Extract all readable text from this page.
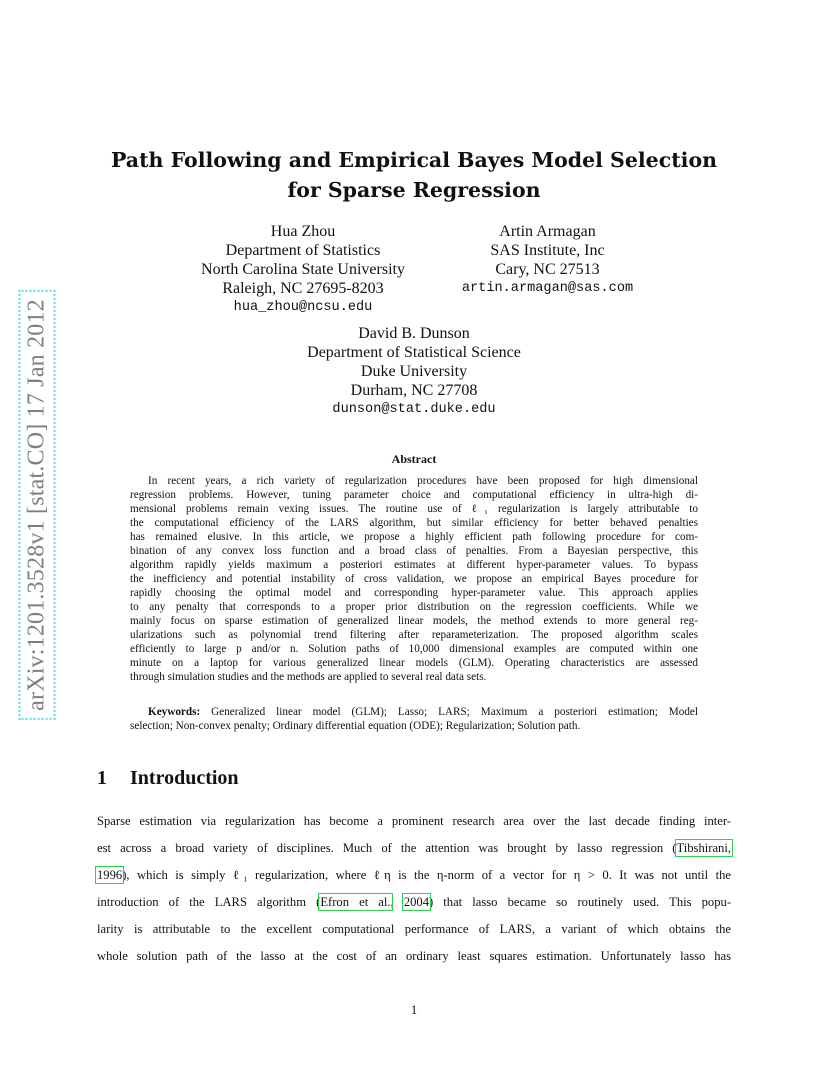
arXiv:1201.3528v1 [stat.CO] 17 Jan 2012
Path Following and Empirical Bayes Model Selection
for Sparse Regression
Hua Zhou
Department of Statistics
North Carolina State University
Raleigh, NC 27695-8203
hua_zhou@ncsu.edu
Artin Armagan
SAS Institute, Inc
Cary, NC 27513
artin.armagan@sas.com
David B. Dunson
Department of Statistical Science
Duke University
Durham, NC 27708
dunson@stat.duke.edu
Abstract
In recent years, a rich variety of regularization procedures have been proposed for high dimensional
regression problems. However, tuning parameter choice and computational efficiency in ultra-high di-
mensional problems remain vexing issues. The routine use of ℓ₁ regularization is largely attributable to
the computational efficiency of the LARS algorithm, but similar efficiency for better behaved penalties
has remained elusive. In this article, we propose a highly efficient path following procedure for com-
bination of any convex loss function and a broad class of penalties. From a Bayesian perspective, this
algorithm rapidly yields maximum a posteriori estimates at different hyper-parameter values. To bypass
the inefficiency and potential instability of cross validation, we propose an empirical Bayes procedure for
rapidly choosing the optimal model and corresponding hyper-parameter value. This approach applies
to any penalty that corresponds to a proper prior distribution on the regression coefficients. While we
mainly focus on sparse estimation of generalized linear models, the method extends to more general reg-
ularizations such as polynomial trend filtering after reparameterization. The proposed algorithm scales
efficiently to large p and/or n. Solution paths of 10,000 dimensional examples are computed within one
minute on a laptop for various generalized linear models (GLM). Operating characteristics are assessed
through simulation studies and the methods are applied to several real data sets.
Keywords: Generalized linear model (GLM); Lasso; LARS; Maximum a posteriori estimation; Model
selection; Non-convex penalty; Ordinary differential equation (ODE); Regularization; Solution path.
1 Introduction
Sparse estimation via regularization has become a prominent research area over the last decade finding inter-
est across a broad variety of disciplines. Much of the attention was brought by lasso regression (Tibshirani,
1996), which is simply ℓ₁ regularization, where ℓη is the η-norm of a vector for η > 0. It was not until the
introduction of the LARS algorithm (Efron et al., 2004) that lasso became so routinely used. This popu-
larity is attributable to the excellent computational performance of LARS, a variant of which obtains the
whole solution path of the lasso at the cost of an ordinary least squares estimation. Unfortunately lasso has
1
